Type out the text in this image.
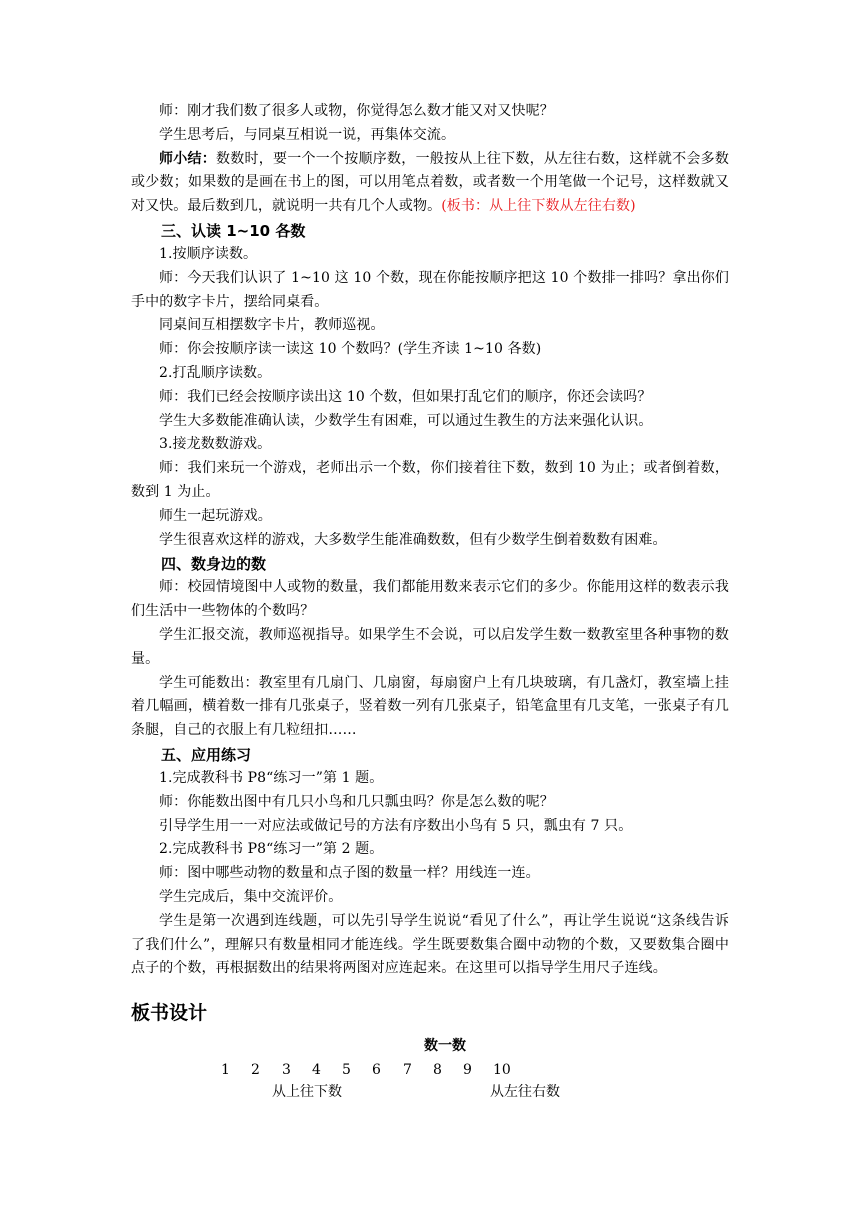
师：刚才我们数了很多人或物，你觉得怎么数才能又对又快呢？

学生思考后，与同桌互相说一说，再集体交流。

师小结：数数时，要一个一个按顺序数，一般按从上往下数，从左往右数，这样就不会多数或少数；如果数的是画在书上的图，可以用笔点着数，或者数一个用笔做一个记号，这样数就又对又快。最后数到几，就说明一共有几个人或物。(板书：从上往下数从左往右数)

三、认读 1~10 各数

1.按顺序读数。

师：今天我们认识了 1~10 这 10 个数，现在你能按顺序把这 10 个数排一排吗？拿出你们手中的数字卡片，摆给同桌看。

同桌间互相摆数字卡片，教师巡视。

师：你会按顺序读一读这 10 个数吗？(学生齐读 1~10 各数)

2.打乱顺序读数。

师：我们已经会按顺序读出这 10 个数，但如果打乱它们的顺序，你还会读吗？

学生大多数能准确认读，少数学生有困难，可以通过生教生的方法来强化认识。

3.接龙数数游戏。

师：我们来玩一个游戏，老师出示一个数，你们接着往下数，数到 10 为止；或者倒着数，数到 1 为止。

师生一起玩游戏。

学生很喜欢这样的游戏，大多数学生能准确数数，但有少数学生倒着数数有困难。

四、数身边的数

师：校园情境图中人或物的数量，我们都能用数来表示它们的多少。你能用这样的数表示我们生活中一些物体的个数吗？

学生汇报交流，教师巡视指导。如果学生不会说，可以启发学生数一数教室里各种事物的数量。

学生可能数出：教室里有几扇门、几扇窗，每扇窗户上有几块玻璃，有几盏灯，教室墙上挂着几幅画，横着数一排有几张桌子，竖着数一列有几张桌子，铅笔盒里有几支笔，一张桌子有几条腿，自己的衣服上有几粒纽扣……

五、应用练习

1.完成教科书 P8“练习一”第 1 题。

师：你能数出图中有几只小鸟和几只瓢虫吗？你是怎么数的呢？

引导学生用一一对应法或做记号的方法有序数出小鸟有 5 只，瓢虫有 7 只。

2.完成教科书 P8“练习一”第 2 题。

师：图中哪些动物的数量和点子图的数量一样？用线连一连。

学生完成后，集中交流评价。

学生是第一次遇到连线题，可以先引导学生说说“看见了什么”，再让学生说说“这条线告诉了我们什么”，理解只有数量相同才能连线。学生既要数集合圈中动物的个数，又要数集合圈中点子的个数，再根据数出的结果将两图对应连起来。在这里可以指导学生用尺子连线。

板书设计

数一数
1 2 3 4 5 6 7 8 9 10
从上往下数	从左往右数
